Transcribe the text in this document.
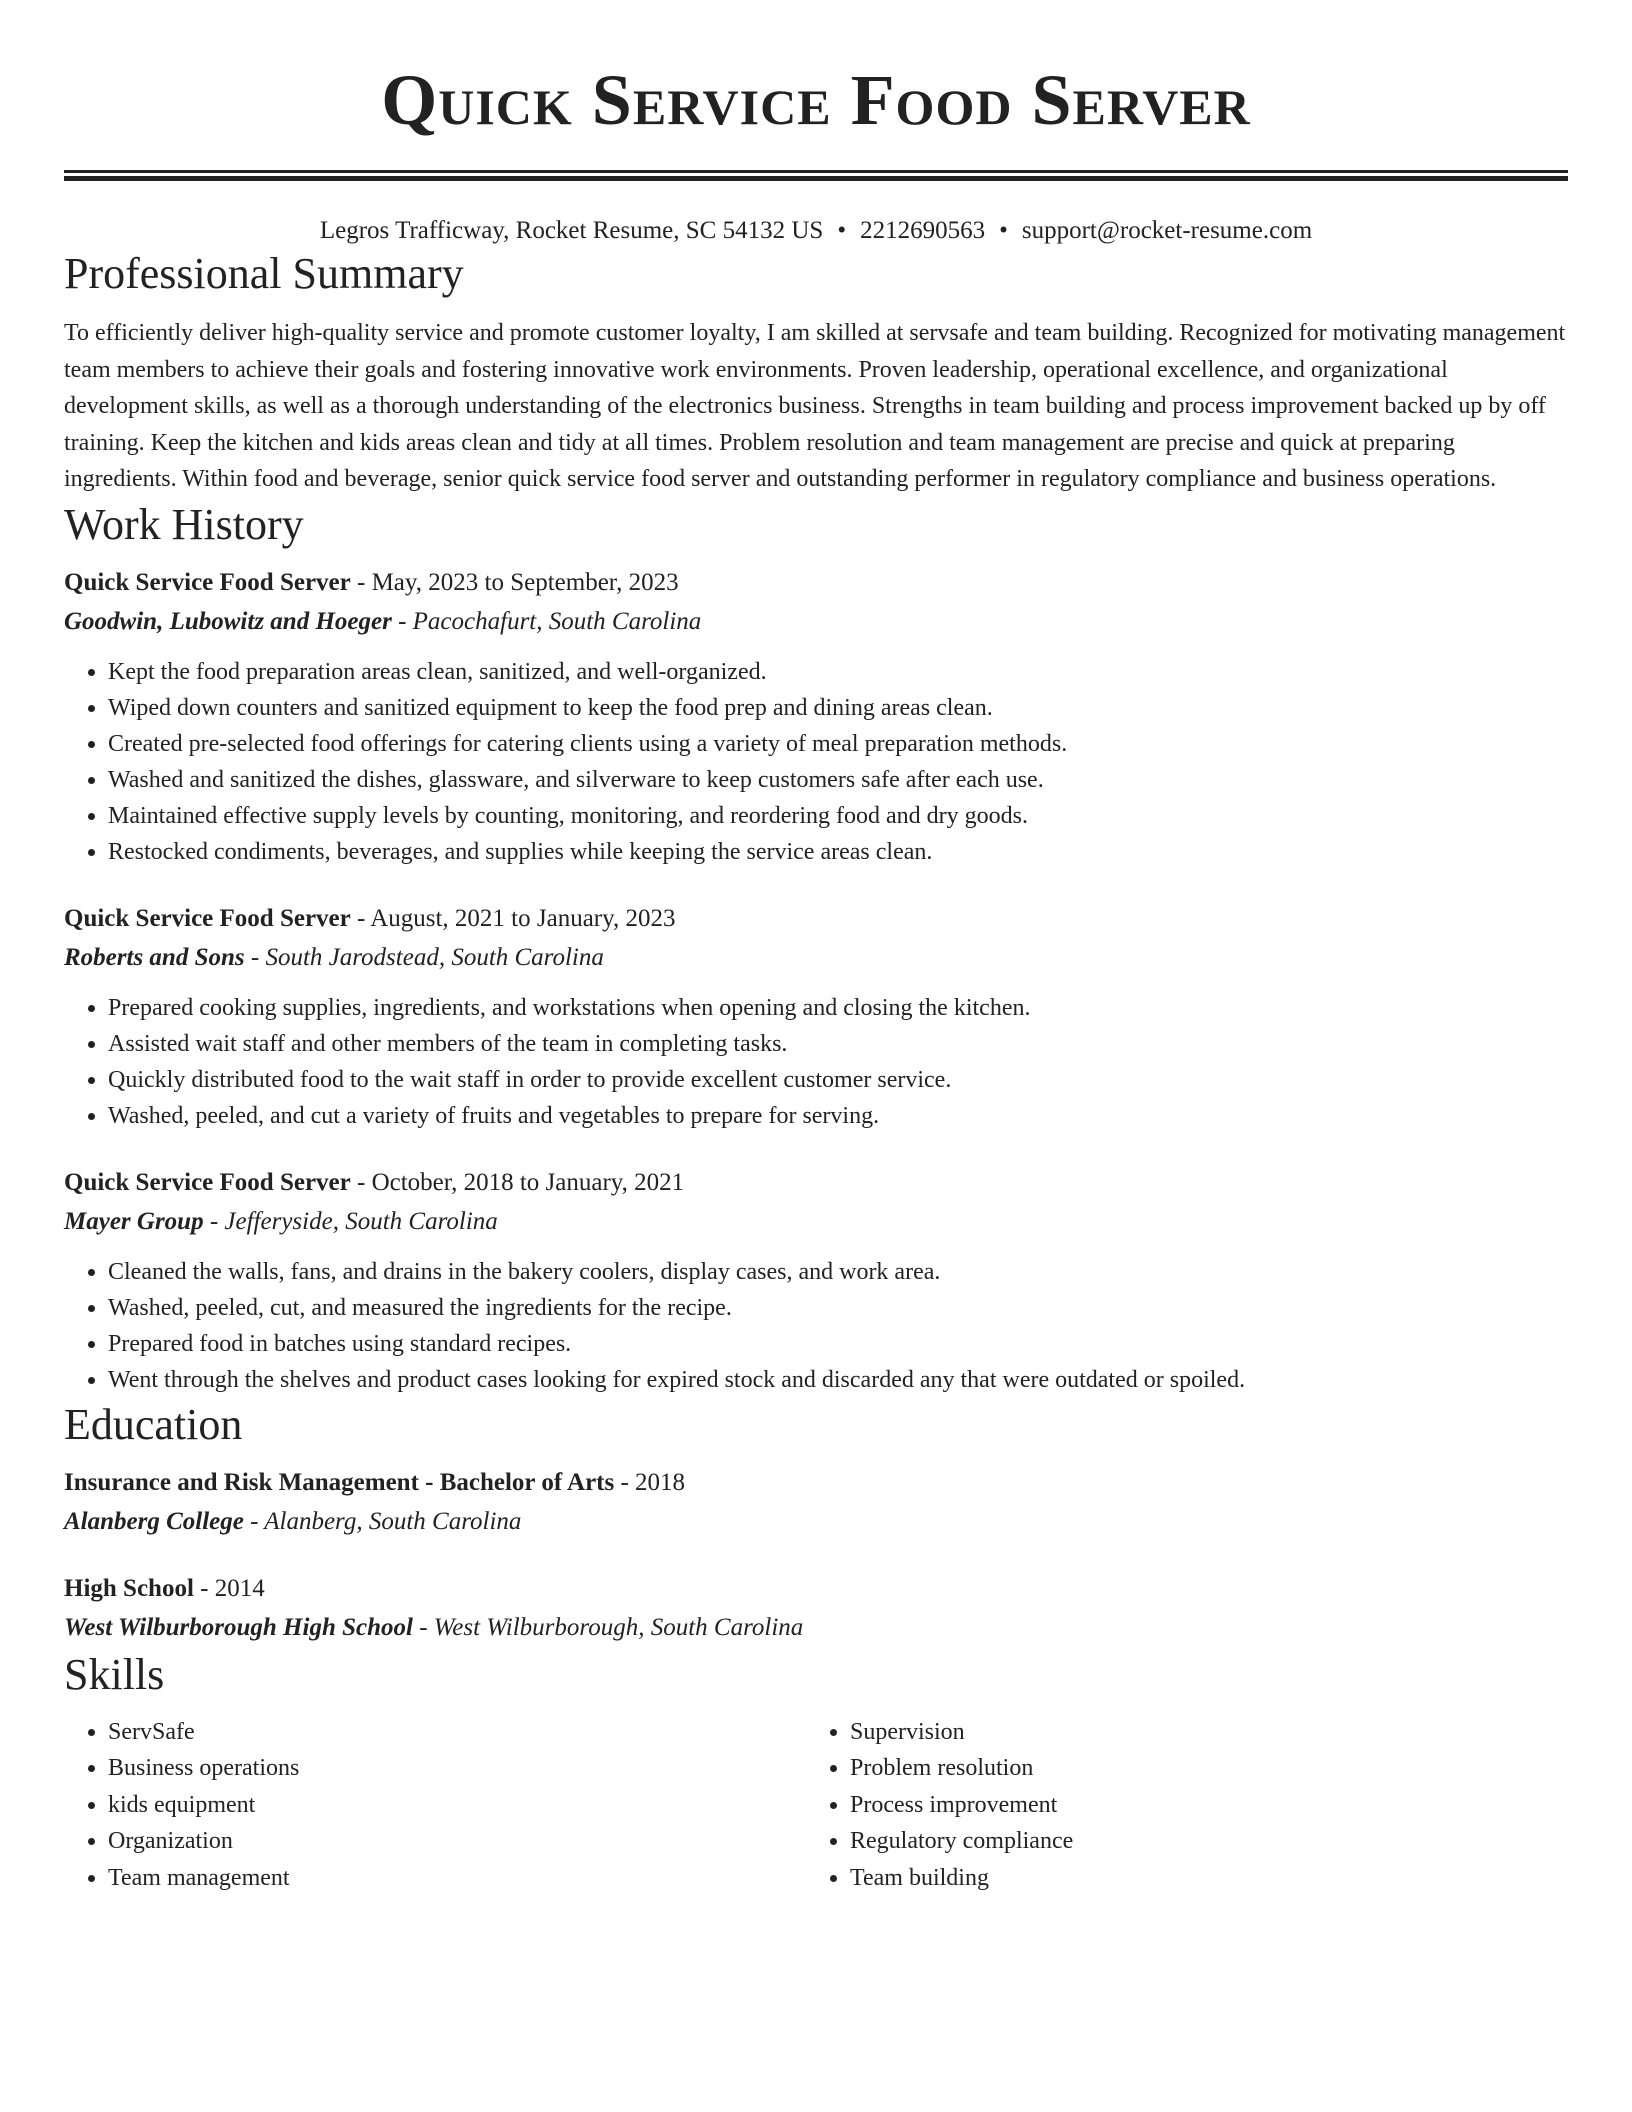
Quick Service Food Server
Legros Trafficway, Rocket Resume, SC 54132 US • 2212690563 • support@rocket-resume.com
Professional Summary

To efficiently deliver high-quality service and promote customer loyalty, I am skilled at servsafe and team building. Recognized for motivating management team members to achieve their goals and fostering innovative work environments. Proven leadership, operational excellence, and organizational development skills, as well as a thorough understanding of the electronics business. Strengths in team building and process improvement backed up by off training. Keep the kitchen and kids areas clean and tidy at all times. Problem resolution and team management are precise and quick at preparing ingredients. Within food and beverage, senior quick service food server and outstanding performer in regulatory compliance and business operations.

Work History
Quick Service Food Server - May, 2023 to September, 2023
Goodwin, Lubowitz and Hoeger - Pacochafurt, South Carolina
• Kept the food preparation areas clean, sanitized, and well-organized.
• Wiped down counters and sanitized equipment to keep the food prep and dining areas clean.
• Created pre-selected food offerings for catering clients using a variety of meal preparation methods.
• Washed and sanitized the dishes, glassware, and silverware to keep customers safe after each use.
• Maintained effective supply levels by counting, monitoring, and reordering food and dry goods.
• Restocked condiments, beverages, and supplies while keeping the service areas clean.
Quick Service Food Server - August, 2021 to January, 2023
Roberts and Sons - South Jarodstead, South Carolina
• Prepared cooking supplies, ingredients, and workstations when opening and closing the kitchen.
• Assisted wait staff and other members of the team in completing tasks.
• Quickly distributed food to the wait staff in order to provide excellent customer service.
• Washed, peeled, and cut a variety of fruits and vegetables to prepare for serving.
Quick Service Food Server - October, 2018 to January, 2021
Mayer Group - Jefferyside, South Carolina
• Cleaned the walls, fans, and drains in the bakery coolers, display cases, and work area.
• Washed, peeled, cut, and measured the ingredients for the recipe.
• Prepared food in batches using standard recipes.
• Went through the shelves and product cases looking for expired stock and discarded any that were outdated or spoiled.
Education
Insurance and Risk Management - Bachelor of Arts - 2018
Alanberg College - Alanberg, South Carolina
High School - 2014
West Wilburborough High School - West Wilburborough, South Carolina
Skills
• ServSafe
• Business operations
• kids equipment
• Organization
• Team management
• Supervision
• Problem resolution
• Process improvement
• Regulatory compliance
• Team building
